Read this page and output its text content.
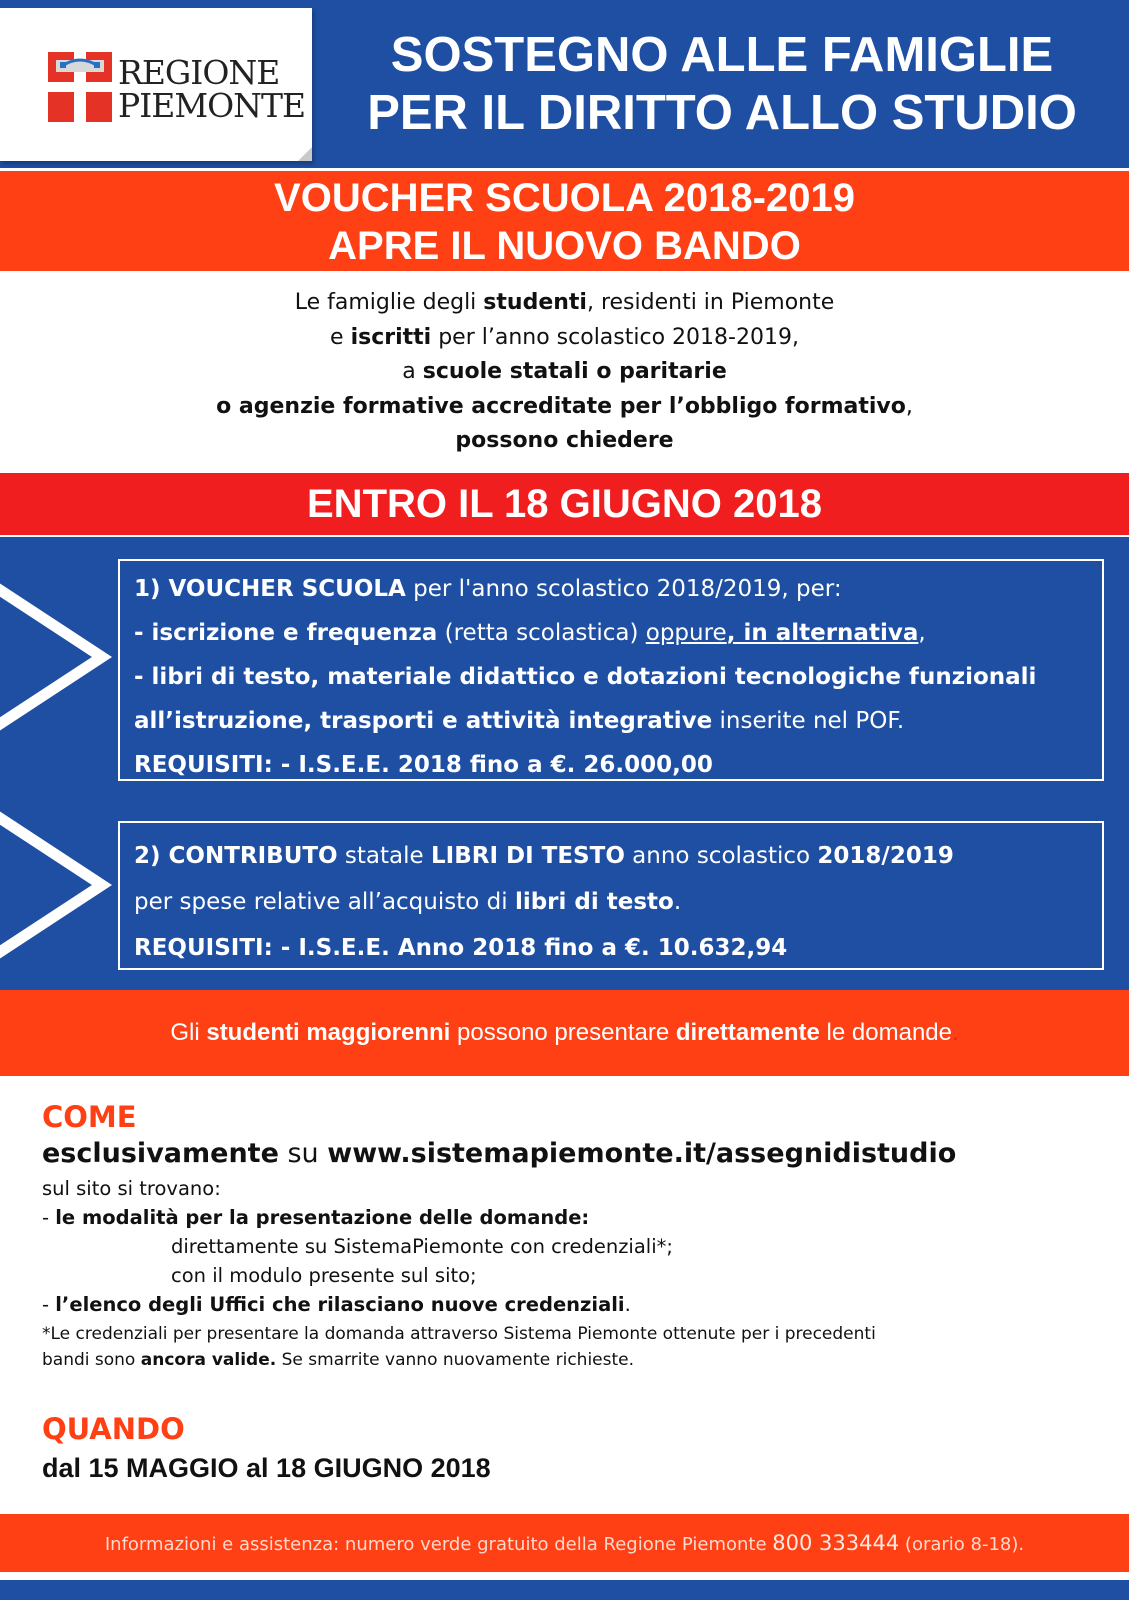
REGIONE
PIEMONTE
SOSTEGNO ALLE FAMIGLIE
PER IL DIRITTO ALLO STUDIO
VOUCHER SCUOLA 2018-2019
APRE IL NUOVO BANDO
Le famiglie degli studenti, residenti in Piemonte
e iscritti per l’anno scolastico 2018-2019,
a scuole statali o paritarie
o agenzie formative accreditate per l’obbligo formativo,
possono chiedere
ENTRO IL 18 GIUGNO 2018
1) VOUCHER SCUOLA per l'anno scolastico 2018/2019, per:
- iscrizione e frequenza (retta scolastica) oppure, in alternativa,
- libri di testo, materiale didattico e dotazioni tecnologiche funzionali
all’istruzione, trasporti e attività integrative inserite nel POF.
REQUISITI: - I.S.E.E. 2018 fino a €. 26.000,00
2) CONTRIBUTO statale LIBRI DI TESTO anno scolastico 2018/2019
per spese relative all’acquisto di libri di testo.
REQUISITI: - I.S.E.E. Anno 2018 fino a €. 10.632,94
Gli studenti maggiorenni possono presentare direttamente le domande.
COME
esclusivamente su www.sistemapiemonte.it/assegnidistudio
sul sito si trovano:
- le modalità per la presentazione delle domande:
direttamente su SistemaPiemonte con credenziali*;
con il modulo presente sul sito;
- l’elenco degli Uffici che rilasciano nuove credenziali.
*Le credenziali per presentare la domanda attraverso Sistema Piemonte ottenute per i precedenti
bandi sono ancora valide. Se smarrite vanno nuovamente richieste.
QUANDO
dal 15 MAGGIO al 18 GIUGNO 2018
Informazioni e assistenza: numero verde gratuito della Regione Piemonte 800 333444 (orario 8-18).
